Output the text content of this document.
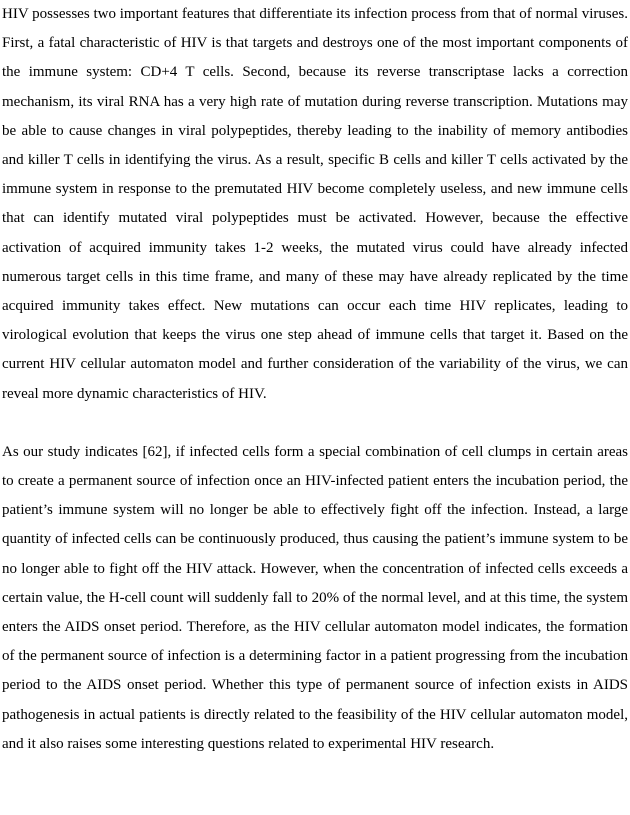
HIV possesses two important features that differentiate its infection process from that of normal viruses. First, a fatal characteristic of HIV is that targets and destroys one of the most important components of the immune system: CD+4 T cells. Second, because its reverse transcriptase lacks a correction mechanism, its viral RNA has a very high rate of mutation during reverse transcription. Mutations may be able to cause changes in viral polypeptides, thereby leading to the inability of memory antibodies and killer T cells in identifying the virus. As a result, specific B cells and killer T cells activated by the immune system in response to the premutated HIV become completely useless, and new immune cells that can identify mutated viral polypeptides must be activated. However, because the effective activation of acquired immunity takes 1-2 weeks, the mutated virus could have already infected numerous target cells in this time frame, and many of these may have already replicated by the time acquired immunity takes effect. New mutations can occur each time HIV replicates, leading to virological evolution that keeps the virus one step ahead of immune cells that target it. Based on the current HIV cellular automaton model and further consideration of the variability of the virus, we can reveal more dynamic characteristics of HIV.

As our study indicates [62], if infected cells form a special combination of cell clumps in certain areas to create a permanent source of infection once an HIV-infected patient enters the incubation period, the patient’s immune system will no longer be able to effectively fight off the infection. Instead, a large quantity of infected cells can be continuously produced, thus causing the patient’s immune system to be no longer able to fight off the HIV attack. However, when the concentration of infected cells exceeds a certain value, the H-cell count will suddenly fall to 20% of the normal level, and at this time, the system enters the AIDS onset period. Therefore, as the HIV cellular automaton model indicates, the formation of the permanent source of infection is a determining factor in a patient progressing from the incubation period to the AIDS onset period. Whether this type of permanent source of infection exists in AIDS pathogenesis in actual patients is directly related to the feasibility of the HIV cellular automaton model, and it also raises some interesting questions related to experimental HIV research.
